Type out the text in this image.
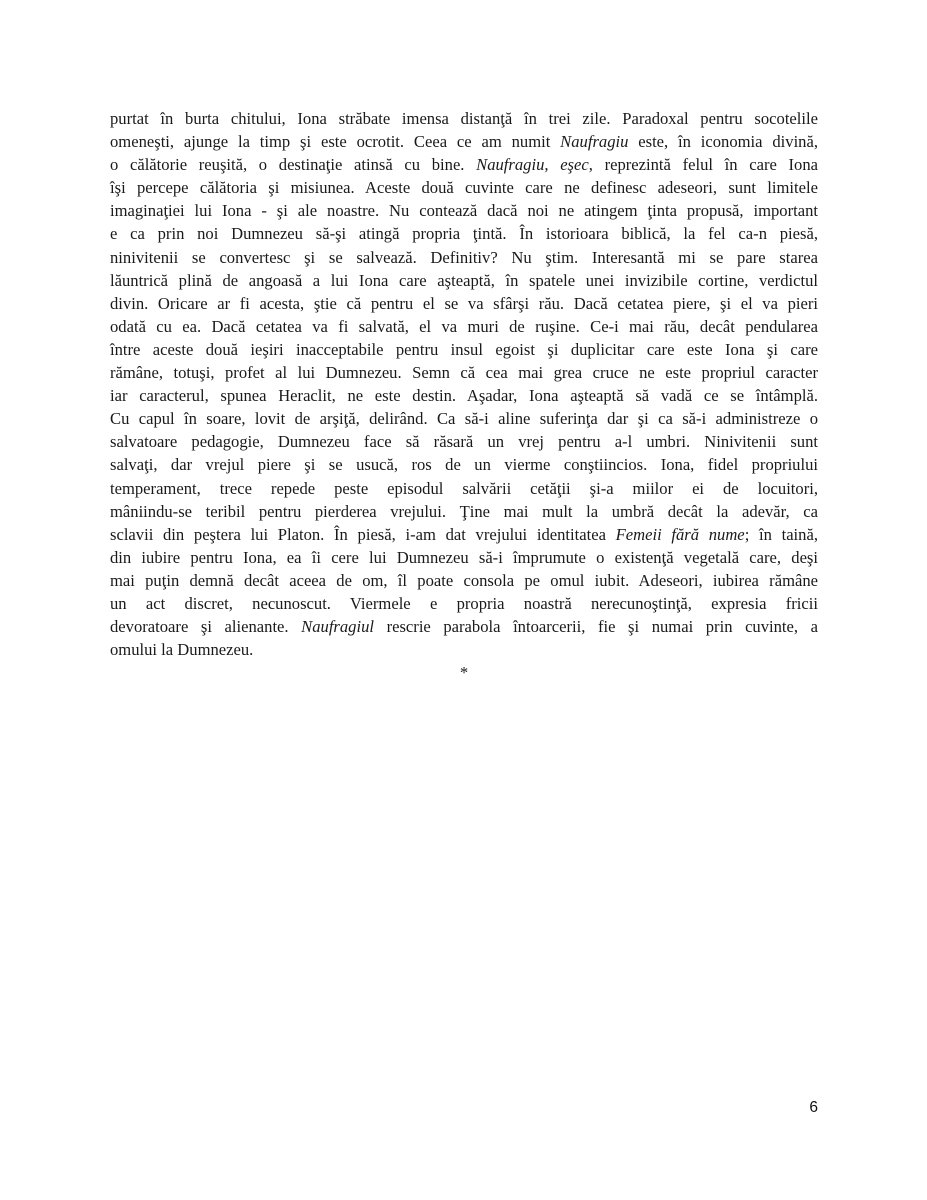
purtat în burta chitului, Iona străbate imensa distanţă în trei zile. Paradoxal pentru socotelile
omeneşti, ajunge la timp şi este ocrotit. Ceea ce am numit Naufragiu este, în iconomia divină,
o călătorie reuşită, o destinaţie atinsă cu bine. Naufragiu, eşec, reprezintă felul în care Iona
îşi percepe călătoria şi misiunea. Aceste două cuvinte care ne definesc adeseori, sunt limitele
imaginaţiei lui Iona - şi ale noastre. Nu contează dacă noi ne atingem ţinta propusă, important
e ca prin noi Dumnezeu să-şi atingă propria ţintă. În istorioara biblică, la fel ca-n piesă,
ninivitenii se convertesc şi se salvează. Definitiv? Nu ştim. Interesantă mi se pare starea
lăuntrică plină de angoasă a lui Iona care aşteaptă, în spatele unei invizibile cortine, verdictul
divin. Oricare ar fi acesta, ştie că pentru el se va sfârşi rău. Dacă cetatea piere, şi el va pieri
odată cu ea. Dacă cetatea va fi salvată, el va muri de ruşine. Ce-i mai rău, decât pendularea
între aceste două ieşiri inacceptabile pentru insul egoist şi duplicitar care este Iona şi care
rămâne, totuşi, profet al lui Dumnezeu. Semn că cea mai grea cruce ne este propriul caracter
iar caracterul, spunea Heraclit, ne este destin. Aşadar, Iona aşteaptă să vadă ce se întâmplă.
Cu capul în soare, lovit de arşiţă, delirând. Ca să-i aline suferinţa dar şi ca să-i administreze o
salvatoare pedagogie, Dumnezeu face să răsară un vrej pentru a-l umbri. Ninivitenii sunt
salvaţi, dar vrejul piere şi se usucă, ros de un vierme conştiincios. Iona, fidel propriului
temperament, trece repede peste episodul salvării cetăţii şi-a miilor ei de locuitori,
mâniindu-se teribil pentru pierderea vrejului. Ţine mai mult la umbră decât la adevăr, ca
sclavii din peştera lui Platon. În piesă, i-am dat vrejului identitatea Femeii fără nume; în taină,
din iubire pentru Iona, ea îi cere lui Dumnezeu să-i împrumute o existenţă vegetală care, deşi
mai puţin demnă decât aceea de om, îl poate consola pe omul iubit. Adeseori, iubirea rămâne
un act discret, necunoscut. Viermele e propria noastră nerecunoştinţă, expresia fricii
devoratoare şi alienante. Naufragiul rescrie parabola întoarcerii, fie şi numai prin cuvinte, a
omului la Dumnezeu.
*
6
